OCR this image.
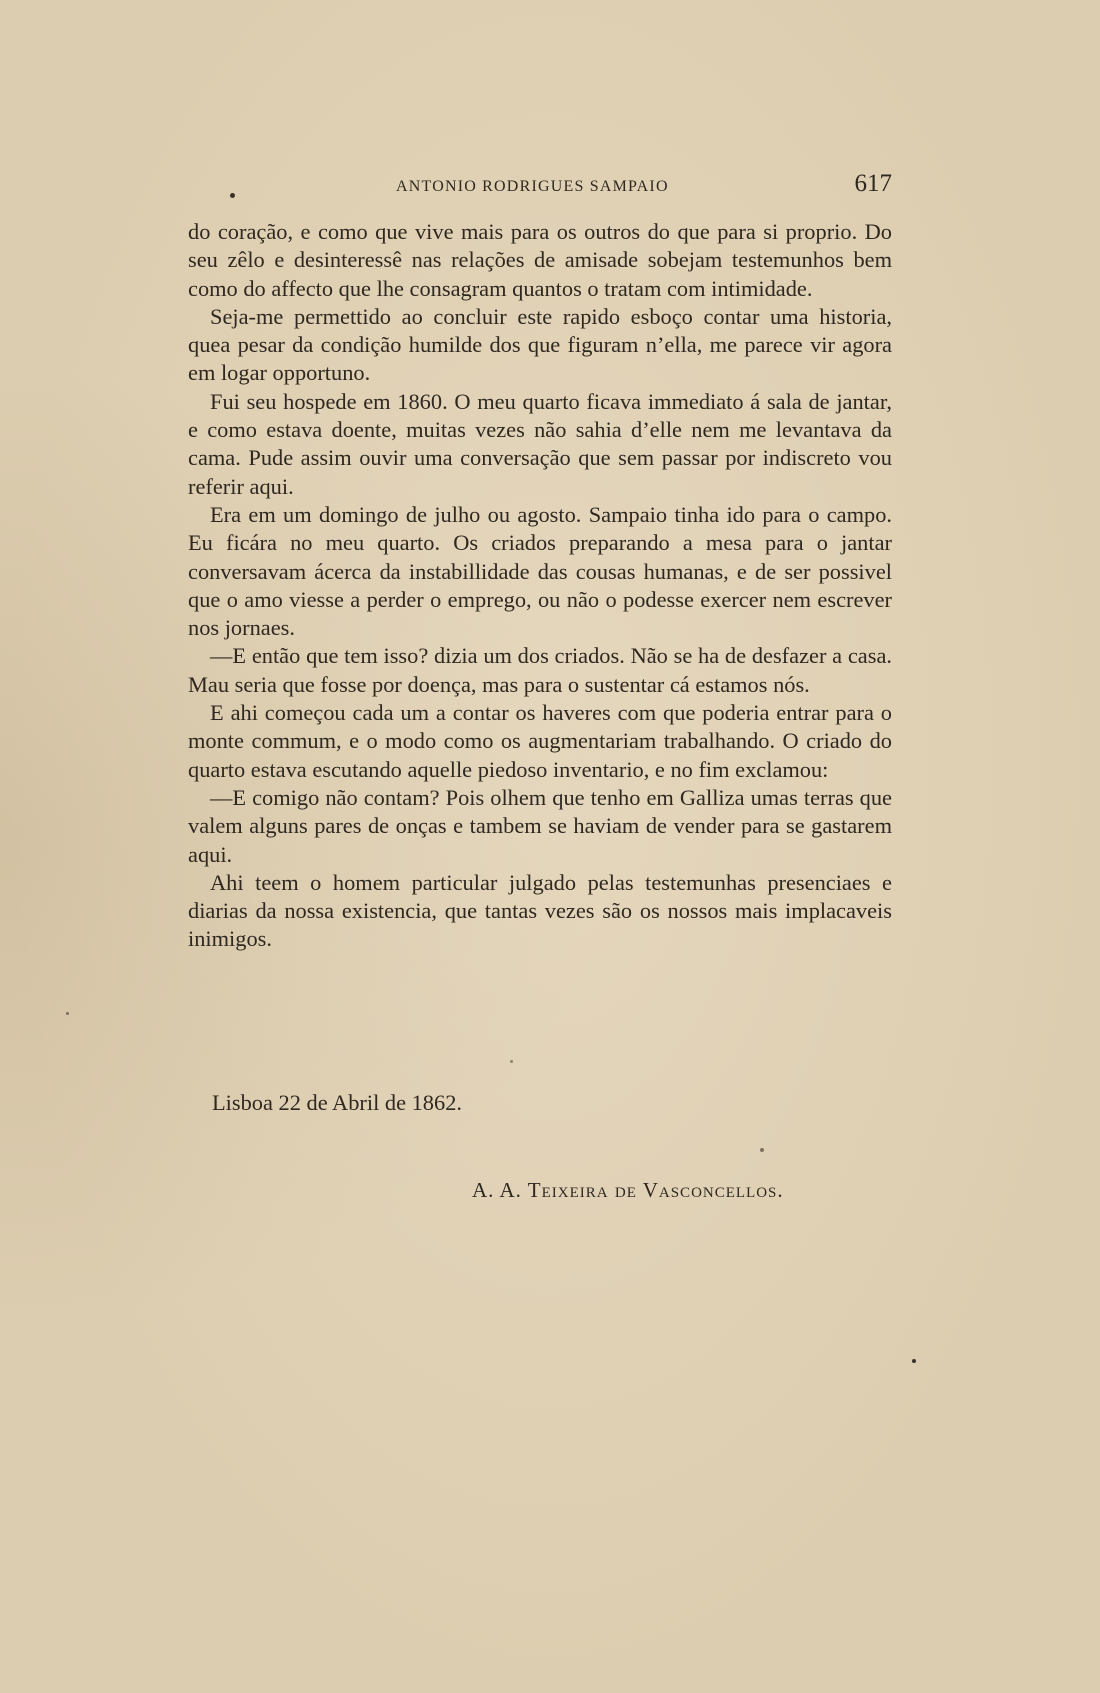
ANTONIO RODRIGUES SAMPAIO	617

do coração, e como que vive mais para os outros do que para si proprio. Do seu zêlo e desinteressê nas relações de amisade sobejam testemunhos bem como do affecto que lhe consagram quantos o tratam com intimidade.

Seja-me permettido ao concluir este rapido esboço contar uma historia, quea pesar da condição humilde dos que figuram n’ella, me parece vir agora em logar opportuno.

Fui seu hospede em 1860. O meu quarto ficava immediato á sala de jantar, e como estava doente, muitas vezes não sahia d’elle nem me levantava da cama. Pude assim ouvir uma conversação que sem passar por indiscreto vou referir aqui.

Era em um domingo de julho ou agosto. Sampaio tinha ido para o campo. Eu ficára no meu quarto. Os criados preparando a mesa para o jantar conversavam ácerca da instabillidade das cousas humanas, e de ser possivel que o amo viesse a perder o emprego, ou não o podesse exercer nem escrever nos jornaes.

—E então que tem isso? dizia um dos criados. Não se ha de desfazer a casa. Mau seria que fosse por doença, mas para o sustentar cá estamos nós.

E ahi começou cada um a contar os haveres com que poderia entrar para o monte commum, e o modo como os augmentariam trabalhando. O criado do quarto estava escutando aquelle piedoso inventario, e no fim exclamou:

—E comigo não contam? Pois olhem que tenho em Galliza umas terras que valem alguns pares de onças e tambem se haviam de vender para se gastarem aqui.

Ahi teem o homem particular julgado pelas testemunhas presenciaes e diarias da nossa existencia, que tantas vezes são os nossos mais implacaveis inimigos.

Lisboa 22 de Abril de 1862.
A. A. Teixeira de Vasconcellos.
